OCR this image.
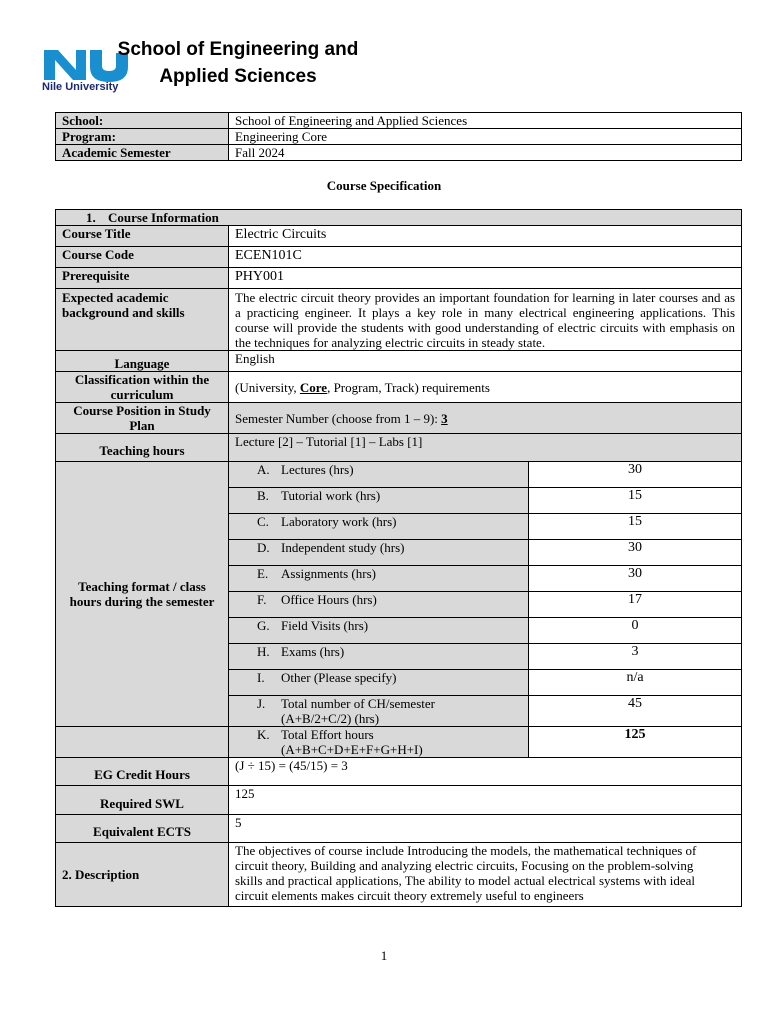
Nile University
School of Engineering and Applied Sciences
School:	School of Engineering and Applied Sciences
Program:	Engineering Core
Academic Semester	Fall 2024
Course Specification
1. Course Information		
Course Title	Electric Circuits	
Course Code	ECEN101C	
Prerequisite	PHY001	
Expected academic background and skills	The electric circuit theory provides an important foundation for learning in later courses and as a practicing engineer. It plays a key role in many electrical engineering applications. This course will provide the students with good understanding of electric circuits with emphasis on the techniques for analyzing electric circuits in steady state.	
Language	English	
Classification within the curriculum	(University, Core, Program, Track) requirements	
Course Position in Study Plan	Semester Number (choose from 1 – 9): 3	
Teaching hours	Lecture [2] – Tutorial [1] – Labs [1]	
Teaching format / class hours during the semester	A. Lectures (hrs)	30

	B. Tutorial work (hrs)	15

	C. Laboratory work (hrs)	15

	D. Independent study (hrs)	30

	E. Assignments (hrs)	30

	F. Office Hours (hrs)	17

	G. Field Visits (hrs)	0

	H. Exams (hrs)	3

	I. Other (Please specify)	n/a

	J. Total number of CH/semester
(A+B/2+C/2) (hrs)	45

	K. Total Effort hours
(A+B+C+D+E+F+G+H+I)	125
EG Credit Hours	(J ÷ 15) = (45/15) = 3	
Required SWL	125	
Equivalent ECTS	5	
2. Description	The objectives of course include Introducing the models, the mathematical techniques of circuit theory, Building and analyzing electric circuits, Focusing on the problem-solving skills and practical applications, The ability to model actual electrical systems with ideal circuit elements makes circuit theory extremely useful to engineers	
1
